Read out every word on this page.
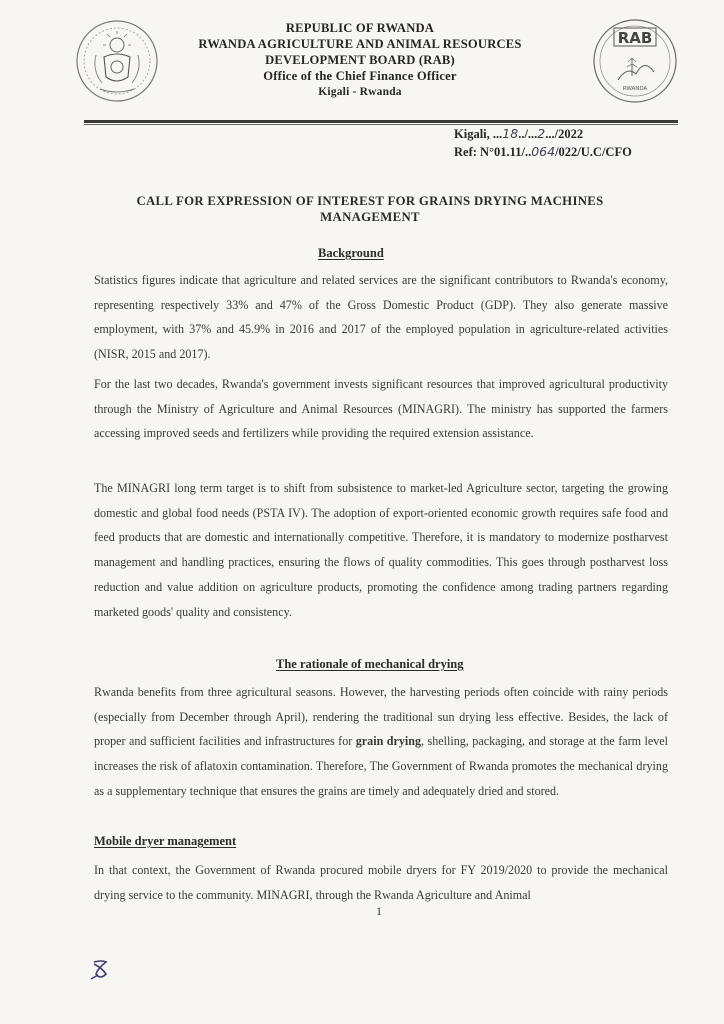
REPUBLIC OF RWANDA
RWANDA AGRICULTURE AND ANIMAL RESOURCES
DEVELOPMENT BOARD (RAB)
Office of the Chief Finance Officer
Kigali - Rwanda
RAB
RWANDA
Kigali, ...18../...2.../2022
Ref: N°01.11/..064/022/U.C/CFO
CALL FOR EXPRESSION OF INTEREST FOR GRAINS DRYING MACHINES
MANAGEMENT
Background
Statistics figures indicate that agriculture and related services are the significant contributors to Rwanda's economy, representing respectively 33% and 47% of the Gross Domestic Product (GDP). They also generate massive employment, with 37% and 45.9% in 2016 and 2017 of the employed population in agriculture-related activities (NISR, 2015 and 2017).
For the last two decades, Rwanda's government invests significant resources that improved agricultural productivity through the Ministry of Agriculture and Animal Resources (MINAGRI). The ministry has supported the farmers accessing improved seeds and fertilizers while providing the required extension assistance.
The MINAGRI long term target is to shift from subsistence to market-led Agriculture sector, targeting the growing domestic and global food needs (PSTA IV). The adoption of export-oriented economic growth requires safe food and feed products that are domestic and internationally competitive. Therefore, it is mandatory to modernize postharvest management and handling practices, ensuring the flows of quality commodities. This goes through postharvest loss reduction and value addition on agriculture products, promoting the confidence among trading partners regarding marketed goods' quality and consistency.
The rationale of mechanical drying
Rwanda benefits from three agricultural seasons. However, the harvesting periods often coincide with rainy periods (especially from December through April), rendering the traditional sun drying less effective. Besides, the lack of proper and sufficient facilities and infrastructures for grain drying, shelling, packaging, and storage at the farm level increases the risk of aflatoxin contamination. Therefore, The Government of Rwanda promotes the mechanical drying as a supplementary technique that ensures the grains are timely and adequately dried and stored.
Mobile dryer management
In that context, the Government of Rwanda procured mobile dryers for FY 2019/2020 to provide the mechanical drying service to the community. MINAGRI, through the Rwanda Agriculture and Animal
1
